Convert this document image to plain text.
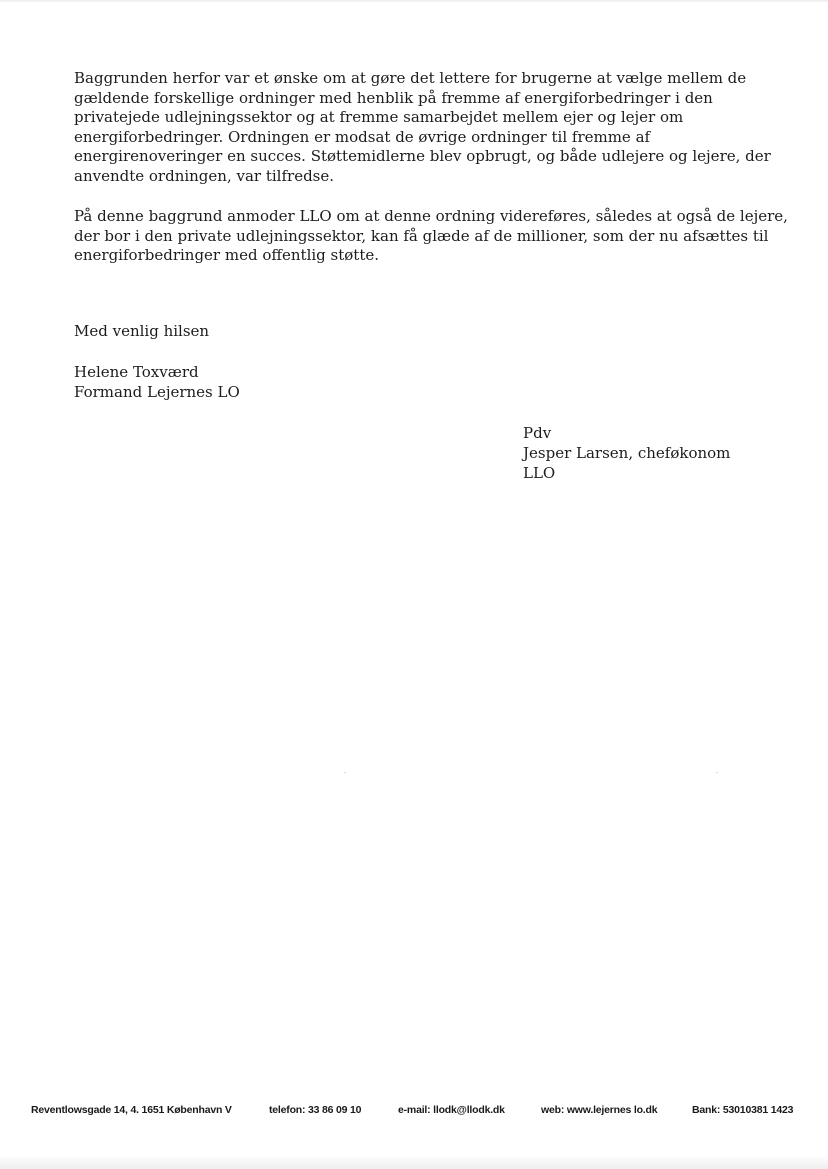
Baggrunden herfor var et ønske om at gøre det lettere for brugerne at vælge mellem de
gældende forskellige ordninger med henblik på fremme af energiforbedringer i den
privatejede udlejningssektor og at fremme samarbejdet mellem ejer og lejer om
energiforbedringer. Ordningen er modsat de øvrige ordninger til fremme af
energirenoveringer en succes. Støttemidlerne blev opbrugt, og både udlejere og lejere, der
anvendte ordningen, var tilfredse.

På denne baggrund anmoder LLO om at denne ordning videreføres, således at også de lejere,
der bor i den private udlejningssektor, kan få glæde af de millioner, som der nu afsættes til
energiforbedringer med offentlig støtte.

Med venlig hilsen
Helene Toxværd
Formand Lejernes LO
Pdv
Jesper Larsen, cheføkonom
LLO
Reventlowsgade 14, 4. 1651 København V	telefon: 33 86 09 10	e-mail: llodk@llodk.dk	web: www.lejernes lo.dk	Bank: 53010381 1423
